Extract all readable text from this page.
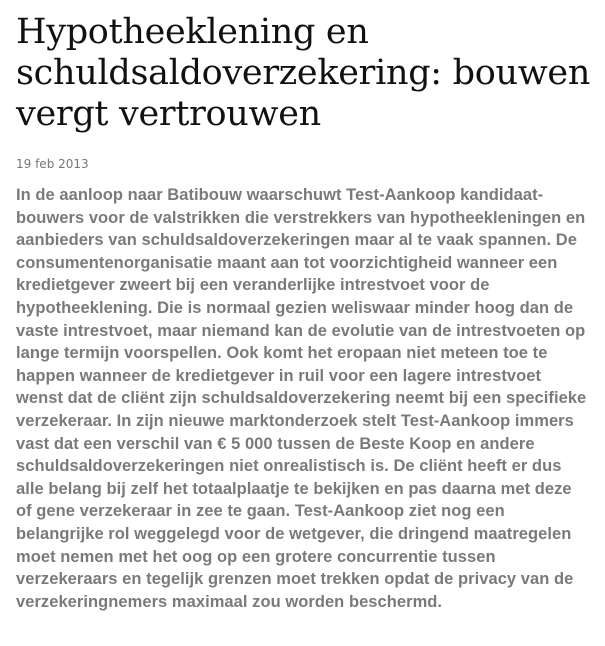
Hypotheeklening en schuldsaldoverzekering: bouwen vergt vertrouwen
19 feb 2013

In de aanloop naar Batibouw waarschuwt Test-Aankoop kandidaat-bouwers voor de valstrikken die verstrekkers van hypotheekleningen en aanbieders van schuldsaldoverzekeringen maar al te vaak spannen. De consumentenorganisatie maant aan tot voorzichtigheid wanneer een kredietgever zweert bij een veranderlijke intrestvoet voor de hypotheeklening. Die is normaal gezien weliswaar minder hoog dan de vaste intrestvoet, maar niemand kan de evolutie van de intrestvoeten op lange termijn voorspellen. Ook komt het eropaan niet meteen toe te happen wanneer de kredietgever in ruil voor een lagere intrestvoet wenst dat de cliënt zijn schuldsaldoverzekering neemt bij een specifieke verzekeraar. In zijn nieuwe marktonderzoek stelt Test-Aankoop immers vast dat een verschil van € 5 000 tussen de Beste Koop en andere schuldsaldoverzekeringen niet onrealistisch is. De cliënt heeft er dus alle belang bij zelf het totaalplaatje te bekijken en pas daarna met deze of gene verzekeraar in zee te gaan. Test-Aankoop ziet nog een belangrijke rol weggelegd voor de wetgever, die dringend maatregelen moet nemen met het oog op een grotere concurrentie tussen verzekeraars en tegelijk grenzen moet trekken opdat de privacy van de verzekeringnemers maximaal zou worden beschermd.
